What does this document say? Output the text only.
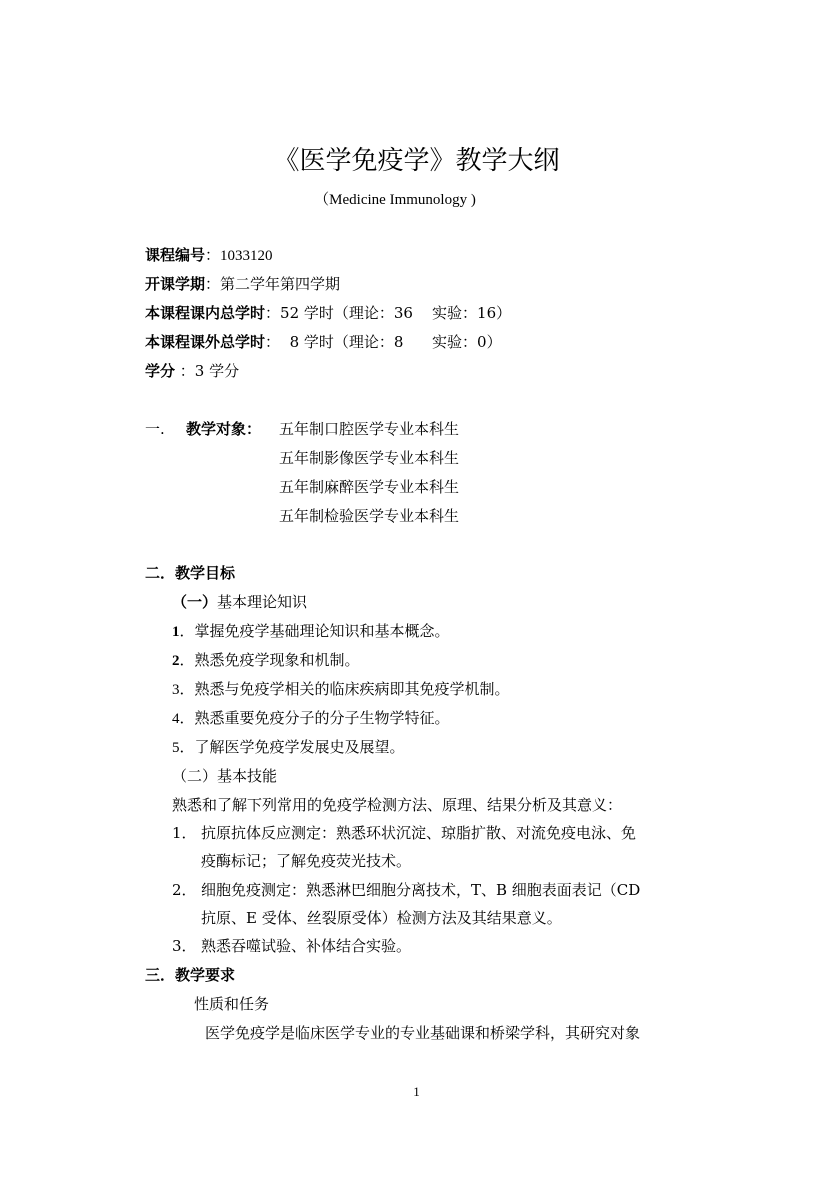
《医学免疫学》教学大纲
（Medicine Immunology )
课程编号：1033120
开课学期：第二学年第四学期
本课程课内总学时：52 学时（理论：36    实验：16）
本课程课外总学时：  8 学时（理论：8      实验：0）
学分 ：3 学分
一. 教学对象： 五年制口腔医学专业本科生
五年制影像医学专业本科生
五年制麻醉医学专业本科生
五年制检验医学专业本科生
二．教学目标
（一）基本理论知识
1．掌握免疫学基础理论知识和基本概念。
2．熟悉免疫学现象和机制。
3．熟悉与免疫学相关的临床疾病即其免疫学机制。
4．熟悉重要免疫分子的分子生物学特征。
5．了解医学免疫学发展史及展望。
（二）基本技能
熟悉和了解下列常用的免疫学检测方法、原理、结果分析及其意义：
1． 抗原抗体反应测定：熟悉环状沉淀、琼脂扩散、对流免疫电泳、免
疫酶标记；了解免疫荧光技术。
2． 细胞免疫测定：熟悉淋巴细胞分离技术，T、B 细胞表面表记（CD
抗原、E 受体、丝裂原受体）检测方法及其结果意义。
3． 熟悉吞噬试验、补体结合实验。
三．教学要求
性质和任务
医学免疫学是临床医学专业的专业基础课和桥梁学科，其研究对象
1
